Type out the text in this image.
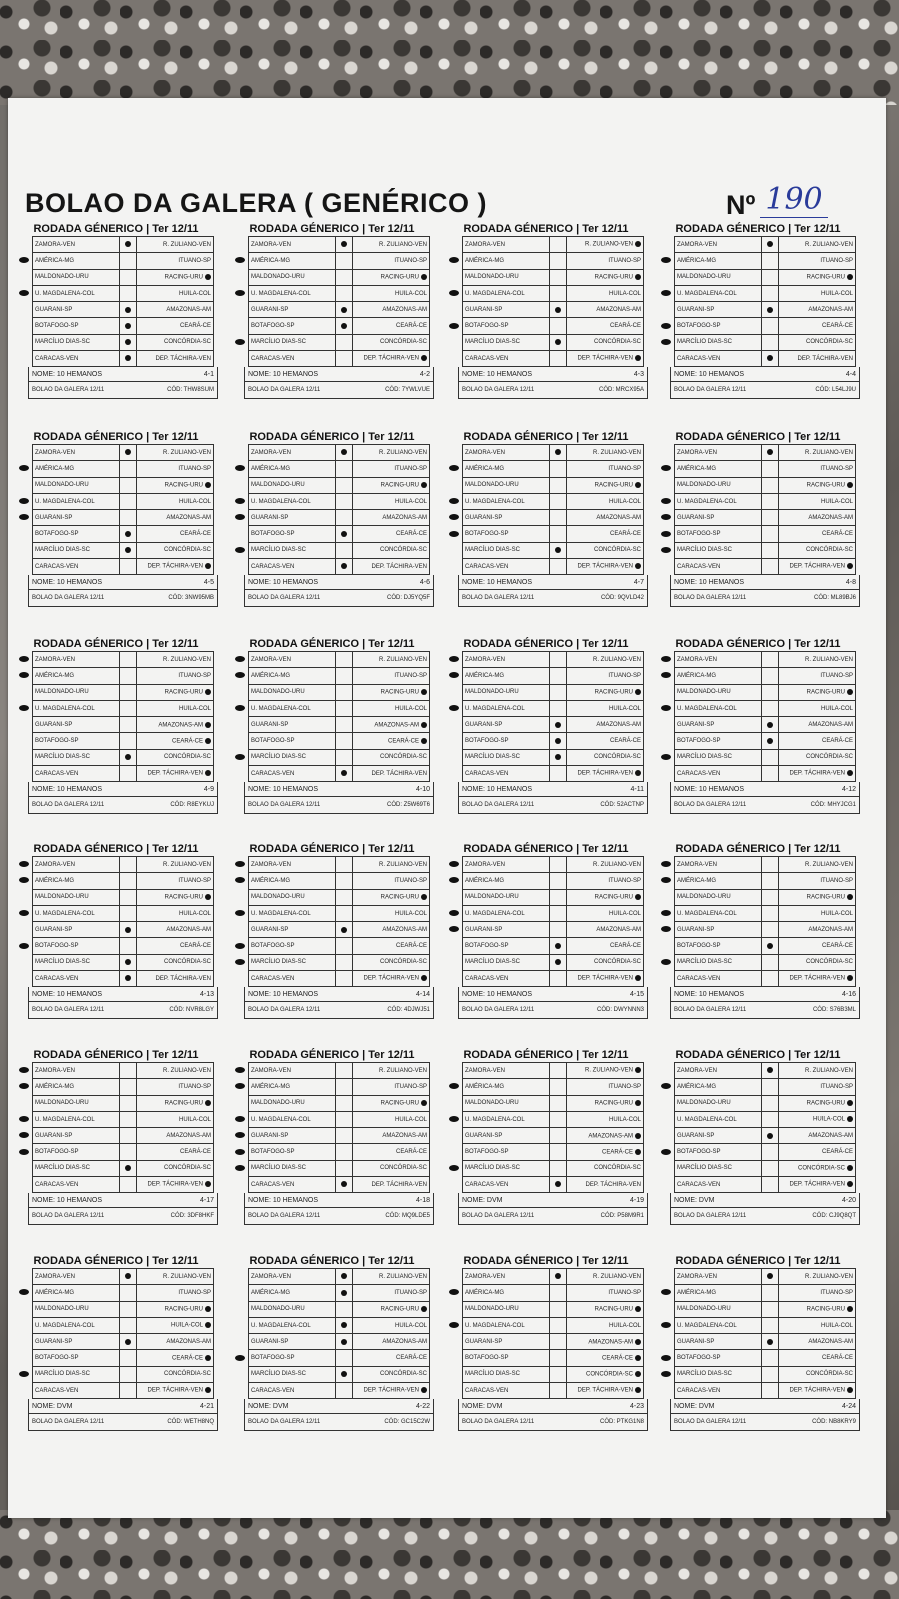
BOLAO DA GALERA ( GENÉRICO )	Nº 190
RODADA GÉNERICO | Ter 12/11
ZAMORA-VEN		R. ZULIANO-VEN
AMÉRICA-MG		ITUANO-SP
MALDONADO-URU		RACING-URU
U. MAGDALENA-COL		HUILA-COL
GUARANI-SP		AMAZONAS-AM
BOTAFOGO-SP		CEARÁ-CE
MARCÍLIO DIAS-SC		CONCÓRDIA-SC
CARACAS-VEN		DEP. TÁCHIRA-VEN
NOME: 10 HEMANOS	4-1
BOLAO DA GALERA 12/11	CÓD: THW8SUM
RODADA GÉNERICO | Ter 12/11
ZAMORA-VEN		R. ZULIANO-VEN
AMÉRICA-MG		ITUANO-SP
MALDONADO-URU		RACING-URU
U. MAGDALENA-COL		HUILA-COL
GUARANI-SP		AMAZONAS-AM
BOTAFOGO-SP		CEARÁ-CE
MARCÍLIO DIAS-SC		CONCÓRDIA-SC
CARACAS-VEN		DEP. TÁCHIRA-VEN
NOME: 10 HEMANOS	4-2
BOLAO DA GALERA 12/11	CÓD: 7YWLVUE
RODADA GÉNERICO | Ter 12/11
ZAMORA-VEN		R. ZULIANO-VEN
AMÉRICA-MG		ITUANO-SP
MALDONADO-URU		RACING-URU
U. MAGDALENA-COL		HUILA-COL
GUARANI-SP		AMAZONAS-AM
BOTAFOGO-SP		CEARÁ-CE
MARCÍLIO DIAS-SC		CONCÓRDIA-SC
CARACAS-VEN		DEP. TÁCHIRA-VEN
NOME: 10 HEMANOS	4-3
BOLAO DA GALERA 12/11	CÓD: MRCX95A
RODADA GÉNERICO | Ter 12/11
ZAMORA-VEN		R. ZULIANO-VEN
AMÉRICA-MG		ITUANO-SP
MALDONADO-URU		RACING-URU
U. MAGDALENA-COL		HUILA-COL
GUARANI-SP		AMAZONAS-AM
BOTAFOGO-SP		CEARÁ-CE
MARCÍLIO DIAS-SC		CONCÓRDIA-SC
CARACAS-VEN		DEP. TÁCHIRA-VEN
NOME: 10 HEMANOS	4-4
BOLAO DA GALERA 12/11	CÓD: L54LJ9U
RODADA GÉNERICO | Ter 12/11
ZAMORA-VEN		R. ZULIANO-VEN
AMÉRICA-MG		ITUANO-SP
MALDONADO-URU		RACING-URU
U. MAGDALENA-COL		HUILA-COL
GUARANI-SP		AMAZONAS-AM
BOTAFOGO-SP		CEARÁ-CE
MARCÍLIO DIAS-SC		CONCÓRDIA-SC
CARACAS-VEN		DEP. TÁCHIRA-VEN
NOME: 10 HEMANOS	4-5
BOLAO DA GALERA 12/11	CÓD: 3NW95MB
RODADA GÉNERICO | Ter 12/11
ZAMORA-VEN		R. ZULIANO-VEN
AMÉRICA-MG		ITUANO-SP
MALDONADO-URU		RACING-URU
U. MAGDALENA-COL		HUILA-COL
GUARANI-SP		AMAZONAS-AM
BOTAFOGO-SP		CEARÁ-CE
MARCÍLIO DIAS-SC		CONCÓRDIA-SC
CARACAS-VEN		DEP. TÁCHIRA-VEN
NOME: 10 HEMANOS	4-6
BOLAO DA GALERA 12/11	CÓD: DJ5YQ5F
RODADA GÉNERICO | Ter 12/11
ZAMORA-VEN		R. ZULIANO-VEN
AMÉRICA-MG		ITUANO-SP
MALDONADO-URU		RACING-URU
U. MAGDALENA-COL		HUILA-COL
GUARANI-SP		AMAZONAS-AM
BOTAFOGO-SP		CEARÁ-CE
MARCÍLIO DIAS-SC		CONCÓRDIA-SC
CARACAS-VEN		DEP. TÁCHIRA-VEN
NOME: 10 HEMANOS	4-7
BOLAO DA GALERA 12/11	CÓD: 9QVLD42
RODADA GÉNERICO | Ter 12/11
ZAMORA-VEN		R. ZULIANO-VEN
AMÉRICA-MG		ITUANO-SP
MALDONADO-URU		RACING-URU
U. MAGDALENA-COL		HUILA-COL
GUARANI-SP		AMAZONAS-AM
BOTAFOGO-SP		CEARÁ-CE
MARCÍLIO DIAS-SC		CONCÓRDIA-SC
CARACAS-VEN		DEP. TÁCHIRA-VEN
NOME: 10 HEMANOS	4-8
BOLAO DA GALERA 12/11	CÓD: ML89BJ6
RODADA GÉNERICO | Ter 12/11
ZAMORA-VEN		R. ZULIANO-VEN
AMÉRICA-MG		ITUANO-SP
MALDONADO-URU		RACING-URU
U. MAGDALENA-COL		HUILA-COL
GUARANI-SP		AMAZONAS-AM
BOTAFOGO-SP		CEARÁ-CE
MARCÍLIO DIAS-SC		CONCÓRDIA-SC
CARACAS-VEN		DEP. TÁCHIRA-VEN
NOME: 10 HEMANOS	4-9
BOLAO DA GALERA 12/11	CÓD: R8EYKUJ
RODADA GÉNERICO | Ter 12/11
ZAMORA-VEN		R. ZULIANO-VEN
AMÉRICA-MG		ITUANO-SP
MALDONADO-URU		RACING-URU
U. MAGDALENA-COL		HUILA-COL
GUARANI-SP		AMAZONAS-AM
BOTAFOGO-SP		CEARÁ-CE
MARCÍLIO DIAS-SC		CONCÓRDIA-SC
CARACAS-VEN		DEP. TÁCHIRA-VEN
NOME: 10 HEMANOS	4-10
BOLAO DA GALERA 12/11	CÓD: Z5W69T6
RODADA GÉNERICO | Ter 12/11
ZAMORA-VEN		R. ZULIANO-VEN
AMÉRICA-MG		ITUANO-SP
MALDONADO-URU		RACING-URU
U. MAGDALENA-COL		HUILA-COL
GUARANI-SP		AMAZONAS-AM
BOTAFOGO-SP		CEARÁ-CE
MARCÍLIO DIAS-SC		CONCÓRDIA-SC
CARACAS-VEN		DEP. TÁCHIRA-VEN
NOME: 10 HEMANOS	4-11
BOLAO DA GALERA 12/11	CÓD: 52ACTNP
RODADA GÉNERICO | Ter 12/11
ZAMORA-VEN		R. ZULIANO-VEN
AMÉRICA-MG		ITUANO-SP
MALDONADO-URU		RACING-URU
U. MAGDALENA-COL		HUILA-COL
GUARANI-SP		AMAZONAS-AM
BOTAFOGO-SP		CEARÁ-CE
MARCÍLIO DIAS-SC		CONCÓRDIA-SC
CARACAS-VEN		DEP. TÁCHIRA-VEN
NOME: 10 HEMANOS	4-12
BOLAO DA GALERA 12/11	CÓD: MHYJCG1
RODADA GÉNERICO | Ter 12/11
ZAMORA-VEN		R. ZULIANO-VEN
AMÉRICA-MG		ITUANO-SP
MALDONADO-URU		RACING-URU
U. MAGDALENA-COL		HUILA-COL
GUARANI-SP		AMAZONAS-AM
BOTAFOGO-SP		CEARÁ-CE
MARCÍLIO DIAS-SC		CONCÓRDIA-SC
CARACAS-VEN		DEP. TÁCHIRA-VEN
NOME: 10 HEMANOS	4-13
BOLAO DA GALERA 12/11	CÓD: NVR8LGY
RODADA GÉNERICO | Ter 12/11
ZAMORA-VEN		R. ZULIANO-VEN
AMÉRICA-MG		ITUANO-SP
MALDONADO-URU		RACING-URU
U. MAGDALENA-COL		HUILA-COL
GUARANI-SP		AMAZONAS-AM
BOTAFOGO-SP		CEARÁ-CE
MARCÍLIO DIAS-SC		CONCÓRDIA-SC
CARACAS-VEN		DEP. TÁCHIRA-VEN
NOME: 10 HEMANOS	4-14
BOLAO DA GALERA 12/11	CÓD: 4DJWJ51
RODADA GÉNERICO | Ter 12/11
ZAMORA-VEN		R. ZULIANO-VEN
AMÉRICA-MG		ITUANO-SP
MALDONADO-URU		RACING-URU
U. MAGDALENA-COL		HUILA-COL
GUARANI-SP		AMAZONAS-AM
BOTAFOGO-SP		CEARÁ-CE
MARCÍLIO DIAS-SC		CONCÓRDIA-SC
CARACAS-VEN		DEP. TÁCHIRA-VEN
NOME: 10 HEMANOS	4-15
BOLAO DA GALERA 12/11	CÓD: DWYNNN3
RODADA GÉNERICO | Ter 12/11
ZAMORA-VEN		R. ZULIANO-VEN
AMÉRICA-MG		ITUANO-SP
MALDONADO-URU		RACING-URU
U. MAGDALENA-COL		HUILA-COL
GUARANI-SP		AMAZONAS-AM
BOTAFOGO-SP		CEARÁ-CE
MARCÍLIO DIAS-SC		CONCÓRDIA-SC
CARACAS-VEN		DEP. TÁCHIRA-VEN
NOME: 10 HEMANOS	4-16
BOLAO DA GALERA 12/11	CÓD: S76B3ML
RODADA GÉNERICO | Ter 12/11
ZAMORA-VEN		R. ZULIANO-VEN
AMÉRICA-MG		ITUANO-SP
MALDONADO-URU		RACING-URU
U. MAGDALENA-COL		HUILA-COL
GUARANI-SP		AMAZONAS-AM
BOTAFOGO-SP		CEARÁ-CE
MARCÍLIO DIAS-SC		CONCÓRDIA-SC
CARACAS-VEN		DEP. TÁCHIRA-VEN
NOME: 10 HEMANOS	4-17
BOLAO DA GALERA 12/11	CÓD: 3DF8HKF
RODADA GÉNERICO | Ter 12/11
ZAMORA-VEN		R. ZULIANO-VEN
AMÉRICA-MG		ITUANO-SP
MALDONADO-URU		RACING-URU
U. MAGDALENA-COL		HUILA-COL
GUARANI-SP		AMAZONAS-AM
BOTAFOGO-SP		CEARÁ-CE
MARCÍLIO DIAS-SC		CONCÓRDIA-SC
CARACAS-VEN		DEP. TÁCHIRA-VEN
NOME: 10 HEMANOS	4-18
BOLAO DA GALERA 12/11	CÓD: MQ9LDE5
RODADA GÉNERICO | Ter 12/11
ZAMORA-VEN		R. ZULIANO-VEN
AMÉRICA-MG		ITUANO-SP
MALDONADO-URU		RACING-URU
U. MAGDALENA-COL		HUILA-COL
GUARANI-SP		AMAZONAS-AM
BOTAFOGO-SP		CEARÁ-CE
MARCÍLIO DIAS-SC		CONCÓRDIA-SC
CARACAS-VEN		DEP. TÁCHIRA-VEN
NOME: DVM	4-19
BOLAO DA GALERA 12/11	CÓD: P58M9R1
RODADA GÉNERICO | Ter 12/11
ZAMORA-VEN		R. ZULIANO-VEN
AMÉRICA-MG		ITUANO-SP
MALDONADO-URU		RACING-URU
U. MAGDALENA-COL		HUILA-COL
GUARANI-SP		AMAZONAS-AM
BOTAFOGO-SP		CEARÁ-CE
MARCÍLIO DIAS-SC		CONCÓRDIA-SC
CARACAS-VEN		DEP. TÁCHIRA-VEN
NOME: DVM	4-20
BOLAO DA GALERA 12/11	CÓD: CJ9Q8QT
RODADA GÉNERICO | Ter 12/11
ZAMORA-VEN		R. ZULIANO-VEN
AMÉRICA-MG		ITUANO-SP
MALDONADO-URU		RACING-URU
U. MAGDALENA-COL		HUILA-COL
GUARANI-SP		AMAZONAS-AM
BOTAFOGO-SP		CEARÁ-CE
MARCÍLIO DIAS-SC		CONCÓRDIA-SC
CARACAS-VEN		DEP. TÁCHIRA-VEN
NOME: DVM	4-21
BOLAO DA GALERA 12/11	CÓD: WETH8NQ
RODADA GÉNERICO | Ter 12/11
ZAMORA-VEN		R. ZULIANO-VEN
AMÉRICA-MG		ITUANO-SP
MALDONADO-URU		RACING-URU
U. MAGDALENA-COL		HUILA-COL
GUARANI-SP		AMAZONAS-AM
BOTAFOGO-SP		CEARÁ-CE
MARCÍLIO DIAS-SC		CONCÓRDIA-SC
CARACAS-VEN		DEP. TÁCHIRA-VEN
NOME: DVM	4-22
BOLAO DA GALERA 12/11	CÓD: GC15C2W
RODADA GÉNERICO | Ter 12/11
ZAMORA-VEN		R. ZULIANO-VEN
AMÉRICA-MG		ITUANO-SP
MALDONADO-URU		RACING-URU
U. MAGDALENA-COL		HUILA-COL
GUARANI-SP		AMAZONAS-AM
BOTAFOGO-SP		CEARÁ-CE
MARCÍLIO DIAS-SC		CONCÓRDIA-SC
CARACAS-VEN		DEP. TÁCHIRA-VEN
NOME: DVM	4-23
BOLAO DA GALERA 12/11	CÓD: PTKG1N8
RODADA GÉNERICO | Ter 12/11
ZAMORA-VEN		R. ZULIANO-VEN
AMÉRICA-MG		ITUANO-SP
MALDONADO-URU		RACING-URU
U. MAGDALENA-COL		HUILA-COL
GUARANI-SP		AMAZONAS-AM
BOTAFOGO-SP		CEARÁ-CE
MARCÍLIO DIAS-SC		CONCÓRDIA-SC
CARACAS-VEN		DEP. TÁCHIRA-VEN
NOME: DVM	4-24
BOLAO DA GALERA 12/11	CÓD: NB8KRY9
